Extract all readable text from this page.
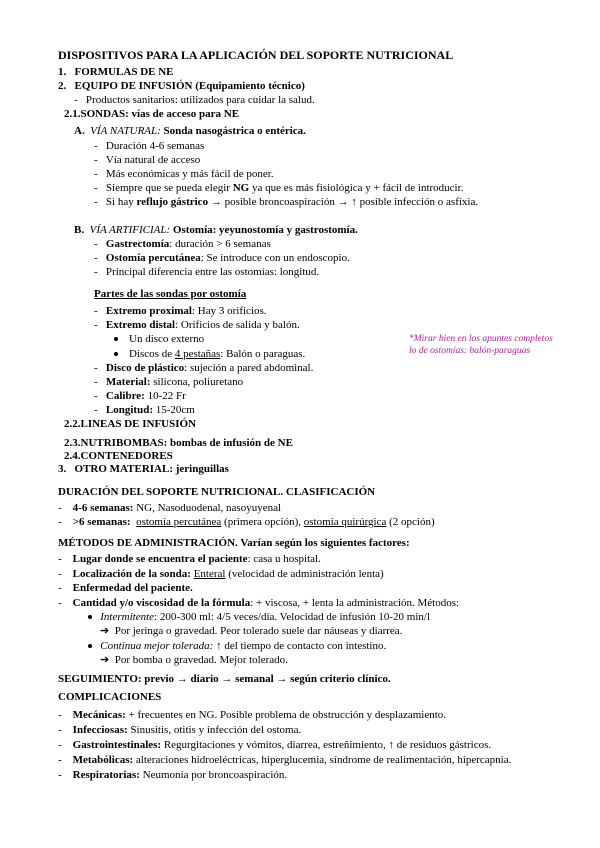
DISPOSITIVOS PARA LA APLICACIÓN DEL SOPORTE NUTRICIONAL
1. FORMULAS DE NE
2. EQUIPO DE INFUSIÓN (Equipamiento técnico)
- Productos sanitarios: utilizados para cuidar la salud.
2.1.SONDAS: vías de acceso para NE
A. VÍA NATURAL: Sonda nasogástrica o entérica.
- Duración 4-6 semanas
- Vía natural de acceso
- Más económicas y más fácil de poner.
- Siempre que se pueda elegir NG ya que es más fisiológica y + fácil de introducir.
- Si hay reflujo gástrico → posible broncoaspiración → ↑ posible infección o asfixia.
B. VÍA ARTIFICIAL: Ostomía: yeyunostomía y gastrostomía.
- Gastrectomía: duración > 6 semanas
- Ostomía percutánea: Se introduce con un endoscopio.
- Principal diferencia entre las ostomías: longitud.
Partes de las sondas por ostomía
- Extremo proximal: Hay 3 orificios.
- Extremo distal: Orificios de salida y balón.
Un disco externo
Discos de 4 pestañas: Balón o paraguas.
- Disco de plástico: sujeción a pared abdominal.
- Material: silicona, poliuretano
- Calibre: 10-22 Fr
- Longitud: 15-20cm
*Mirar bien en los apuntes completos
lo de ostomías: balón-paraguas
2.2.LINEAS DE INFUSIÓN
2.3.NUTRIBOMBAS: bombas de infusión de NE
2.4.CONTENEDORES
3. OTRO MATERIAL: jeringuillas
DURACIÓN DEL SOPORTE NUTRICIONAL. CLASIFICACIÓN
- 4-6 semanas: NG, Nasoduodenal, nasoyuyenal
- >6 semanas: ostomía percutánea (primera opción), ostomía quirúrgica (2 opción)
MÉTODOS DE ADMINISTRACIÓN. Varían según los siguientes factores:
- Lugar donde se encuentra el paciente: casa u hospital.
- Localización de la sonda: Enteral (velocidad de administración lenta)
- Enfermedad del paciente.
- Cantidad y/o viscosidad de la fórmula: + viscosa, + lenta la administración. Métodos:
Intermitente: 200-300 ml: 4/5 veces/día. Velocidad de infusión 10-20 min/l
➔ Por jeringa o gravedad. Peor tolerado suele dar náuseas y diarrea.
Continua mejor tolerada: ↑ del tiempo de contacto con intestino.
➔ Por bomba o gravedad. Mejor tolerado.
SEGUIMIENTO: previo → diario → semanal → según criterio clínico.
COMPLICACIONES
- Mecánicas: + frecuentes en NG. Posible problema de obstrucción y desplazamiento.
- Infecciosas: Sinusitis, otitis y infección del ostoma.
- Gastrointestinales: Regurgitaciones y vómitos, diarrea, estreñimiento, ↑ de residuos gástricos.
- Metabólicas: alteraciones hidroeléctricas, hiperglucemia, síndrome de realimentación, hipercapnia.
- Respiratorias: Neumonía por broncoaspiración.
